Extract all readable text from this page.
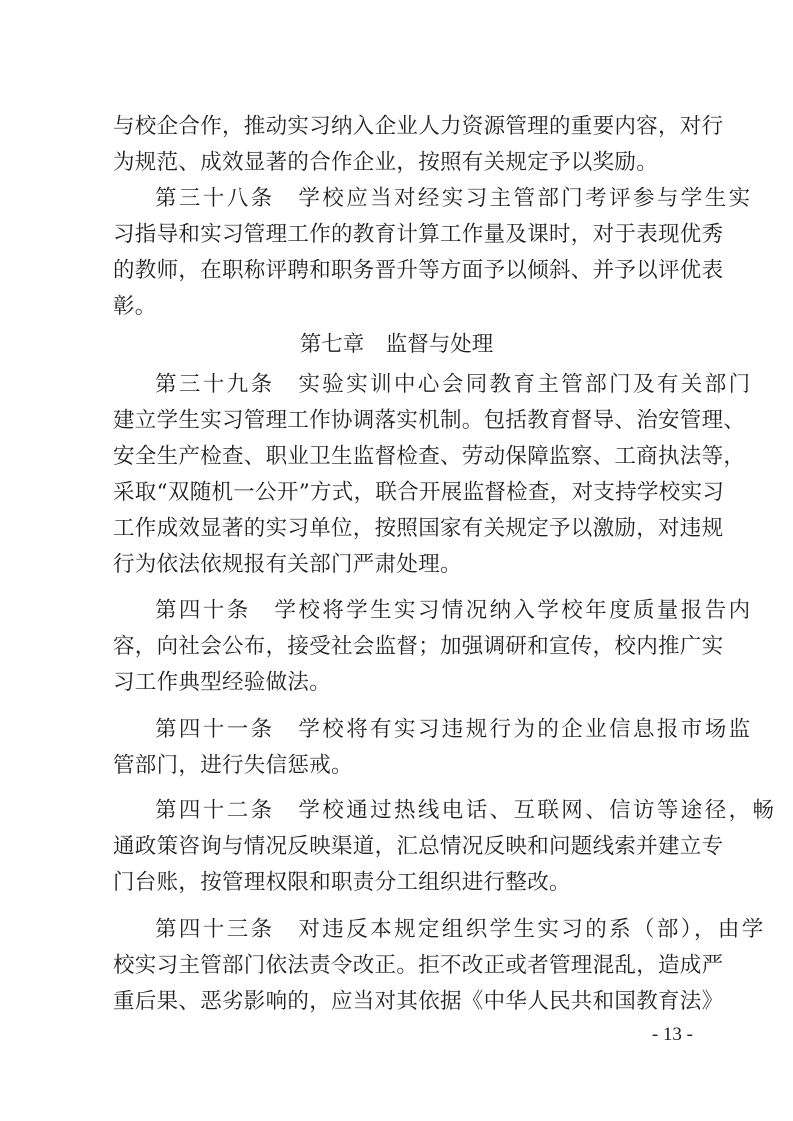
与校企合作，推动实习纳入企业人力资源管理的重要内容，对行
为规范、成效显著的合作企业，按照有关规定予以奖励。
第三十八条　学校应当对经实习主管部门考评参与学生实
习指导和实习管理工作的教育计算工作量及课时，对于表现优秀
的教师，在职称评聘和职务晋升等方面予以倾斜、并予以评优表
彰。
第七章　监督与处理
第三十九条　实验实训中心会同教育主管部门及有关部门
建立学生实习管理工作协调落实机制。包括教育督导、治安管理、
安全生产检查、职业卫生监督检查、劳动保障监察、工商执法等，
采取“双随机一公开”方式，联合开展监督检查，对支持学校实习
工作成效显著的实习单位，按照国家有关规定予以激励，对违规
行为依法依规报有关部门严肃处理。
第四十条　学校将学生实习情况纳入学校年度质量报告内
容，向社会公布，接受社会监督；加强调研和宣传，校内推广实
习工作典型经验做法。
第四十一条　学校将有实习违规行为的企业信息报市场监
管部门，进行失信惩戒。
第四十二条　学校通过热线电话、互联网、信访等途径，畅
通政策咨询与情况反映渠道，汇总情况反映和问题线索并建立专
门台账，按管理权限和职责分工组织进行整改。
第四十三条　对违反本规定组织学生实习的系（部），由学
校实习主管部门依法责令改正。拒不改正或者管理混乱，造成严
重后果、恶劣影响的，应当对其依据《中华人民共和国教育法》
- 13 -
